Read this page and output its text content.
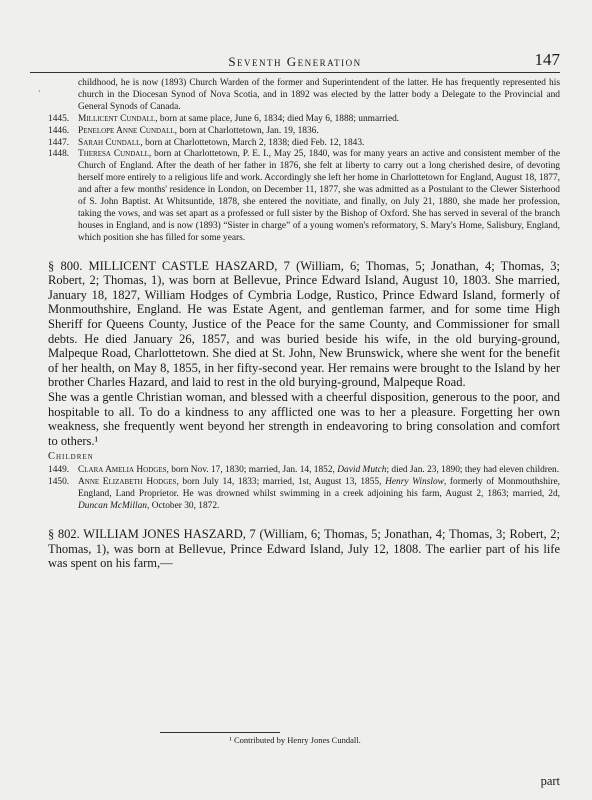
Seventh Generation	147
·

childhood, he is now (1893) Church Warden of the former and Superintendent of the latter. He has frequently represented his church in the Diocesan Synod of Nova Scotia, and in 1892 was elected by the latter body a Delegate to the Provincial and General Synods of Canada.

1445. Millicent Cundall, born at same place, June 6, 1834; died May 6, 1888; unmarried.

1446. Penelope Anne Cundall, born at Charlottetown, Jan. 19, 1836.

1447. Sarah Cundall, born at Charlottetown, March 2, 1838; died Feb. 12, 1843.

1448. Theresa Cundall, born at Charlottetown, P. E. I., May 25, 1840, was for many years an active and consistent member of the Church of England. After the death of her father in 1876, she felt at liberty to carry out a long cherished desire, of devoting herself more entirely to a religious life and work. Accordingly she left her home in Charlottetown for England, August 18, 1877, and after a few months' residence in London, on December 11, 1877, she was admitted as a Postulant to the Clewer Sisterhood of S. John Baptist. At Whitsuntide, 1878, she entered the novitiate, and finally, on July 21, 1880, she made her profession, taking the vows, and was set apart as a professed or full sister by the Bishop of Oxford. She has served in several of the branch houses in England, and is now (1893) “Sister in charge” of a young women's reformatory, S. Mary's Home, Salisbury, England, which position she has filled for some years.

§ 800. MILLICENT CASTLE HASZARD, 7 (William, 6; Thomas, 5; Jonathan, 4; Thomas, 3; Robert, 2; Thomas, 1), was born at Bellevue, Prince Edward Island, August 10, 1803. She married, January 18, 1827, William Hodges of Cymbria Lodge, Rustico, Prince Edward Island, formerly of Monmouthshire, England. He was Estate Agent, and gentleman farmer, and for some time High Sheriff for Queens County, Justice of the Peace for the same County, and Commissioner for small debts. He died January 26, 1857, and was buried beside his wife, in the old burying-ground, Malpeque Road, Charlottetown. She died at St. John, New Brunswick, where she went for the benefit of her health, on May 8, 1855, in her fifty-second year. Her remains were brought to the Island by her brother Charles Hazard, and laid to rest in the old burying-ground, Malpeque Road.

She was a gentle Christian woman, and blessed with a cheerful disposition, generous to the poor, and hospitable to all. To do a kindness to any afflicted one was to her a pleasure. Forgetting her own weakness, she frequently went beyond her strength in endeavoring to bring consolation and comfort to others.¹

Children

1449. Clara Amelia Hodges, born Nov. 17, 1830; married, Jan. 14, 1852, David Mutch; died Jan. 23, 1890; they had eleven children.

1450. Anne Elizabeth Hodges, born July 14, 1833; married, 1st, August 13, 1855, Henry Winslow, formerly of Monmouthshire, England, Land Proprietor. He was drowned whilst swimming in a creek adjoining his farm, August 2, 1863; married, 2d, Duncan McMillan, October 30, 1872.

§ 802. WILLIAM JONES HASZARD, 7 (William, 6; Thomas, 5; Jonathan, 4; Thomas, 3; Robert, 2; Thomas, 1), was born at Bellevue, Prince Edward Island, July 12, 1808. The earlier part of his life was spent on his farm,—

¹ Contributed by Henry Jones Cundall.
part
